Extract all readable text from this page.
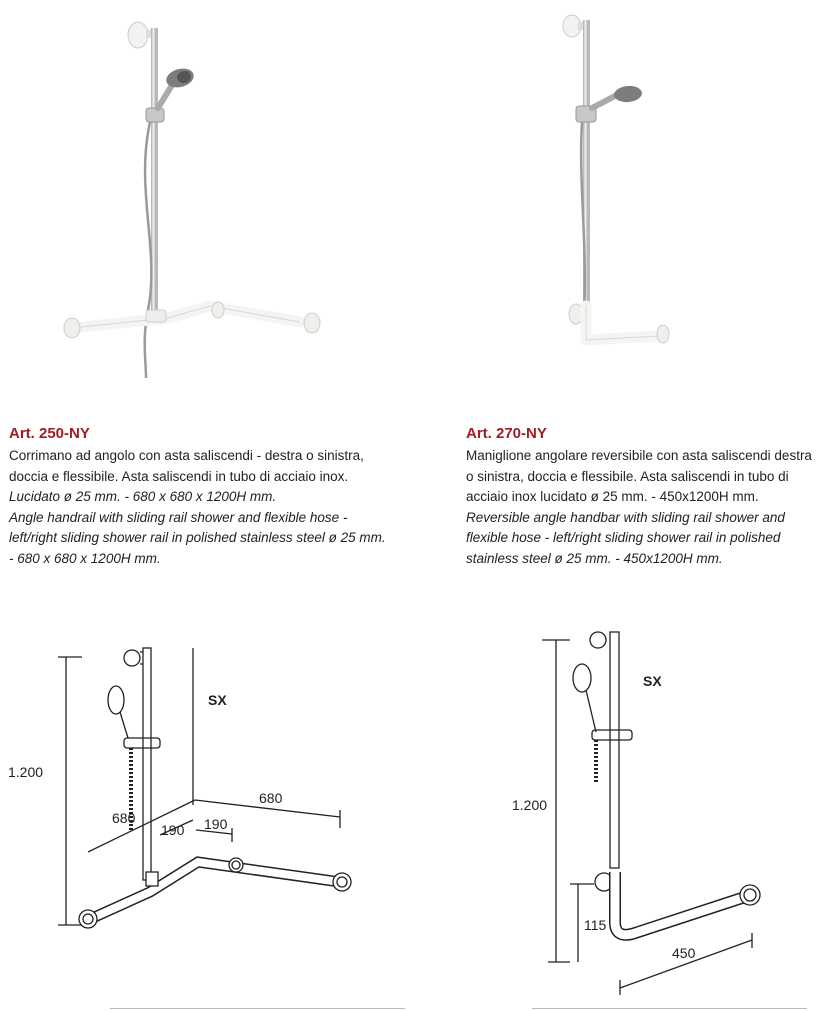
Art. 250-NY

Corrimano ad angolo con asta saliscendi - destra o sinistra, doccia e flessibile. Asta saliscendi in tubo di acciaio inox.

Lucidato ø 25 mm. - 680 x 680 x 1200H mm.

Angle handrail with sliding rail shower and flexible hose - left/right sliding shower rail in polished stainless steel ø 25 mm. - 680 x 680 x 1200H mm.

Art. 270-NY

Maniglione angolare reversibile con asta saliscendi destra o sinistra, doccia e flessibile. Asta saliscendi in tubo di acciaio inox lucidato ø 25 mm. - 450x1200H mm.

Reversible angle handbar with sliding rail shower and flexible hose - left/right sliding shower rail in polished stainless steel ø 25 mm. - 450x1200H mm.

1.200
SX
680
680
190 190
1.200
SX
115
450
